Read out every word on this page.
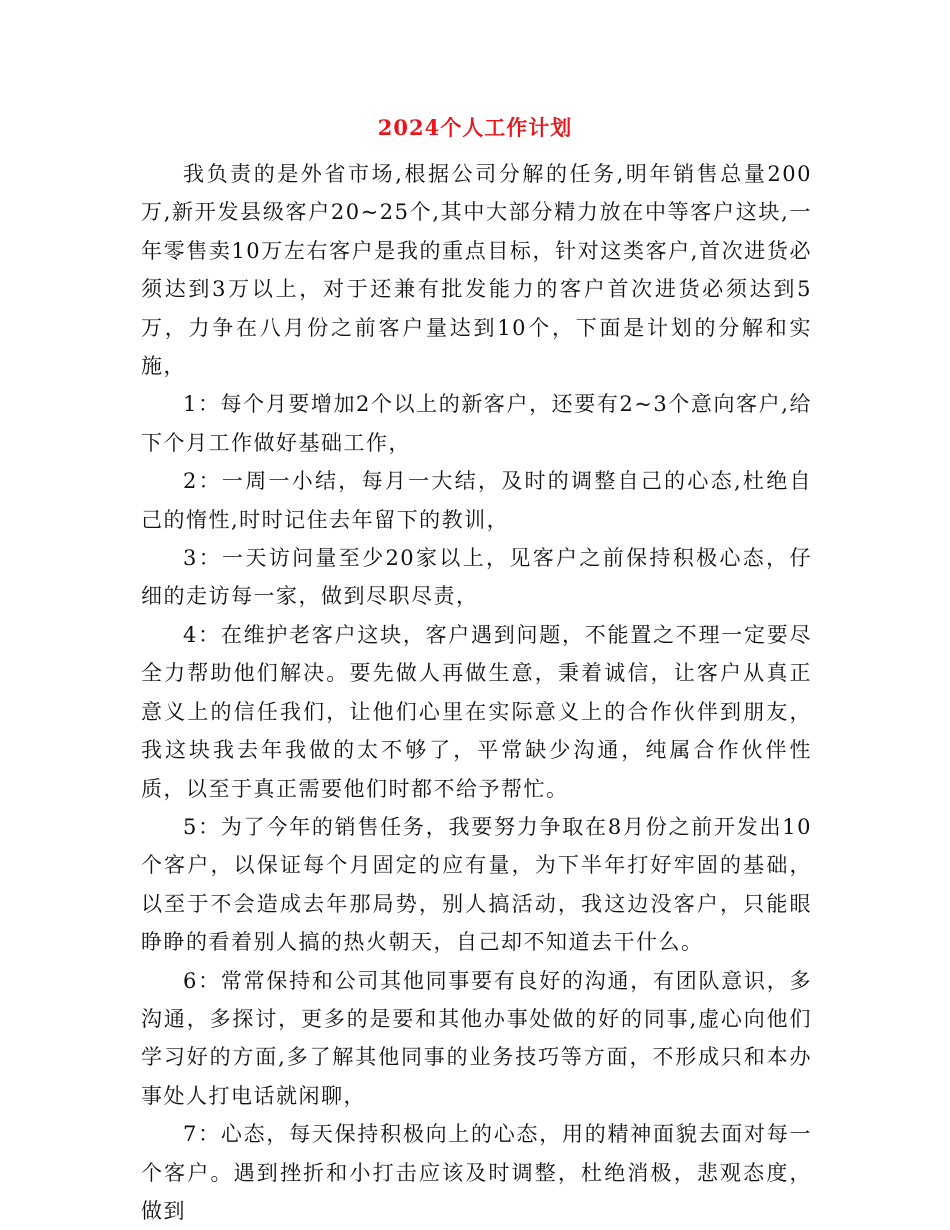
2024个人工作计划

我负责的是外省市场,根据公司分解的任务,明年销售总量200万,新开发县级客户20~25个,其中大部分精力放在中等客户这块,一年零售卖10万左右客户是我的重点目标，针对这类客户,首次进货必须达到3万以上，对于还兼有批发能力的客户首次进货必须达到5万，力争在八月份之前客户量达到10个，下面是计划的分解和实施，

1：每个月要增加2个以上的新客户，还要有2~3个意向客户,给下个月工作做好基础工作，

2：一周一小结，每月一大结，及时的调整自己的心态,杜绝自己的惰性,时时记住去年留下的教训，

3：一天访问量至少20家以上，见客户之前保持积极心态，仔细的走访每一家，做到尽职尽责，

4：在维护老客户这块，客户遇到问题，不能置之不理一定要尽全力帮助他们解决。要先做人再做生意，秉着诚信，让客户从真正意义上的信任我们，让他们心里在实际意义上的合作伙伴到朋友，我这块我去年我做的太不够了，平常缺少沟通，纯属合作伙伴性质，以至于真正需要他们时都不给予帮忙。

5：为了今年的销售任务，我要努力争取在8月份之前开发出10个客户，以保证每个月固定的应有量，为下半年打好牢固的基础，以至于不会造成去年那局势，别人搞活动，我这边没客户，只能眼睁睁的看着别人搞的热火朝天，自己却不知道去干什么。

6：常常保持和公司其他同事要有良好的沟通，有团队意识，多沟通，多探讨，更多的是要和其他办事处做的好的同事,虚心向他们学习好的方面,多了解其他同事的业务技巧等方面，不形成只和本办事处人打电话就闲聊，

7：心态，每天保持积极向上的心态，用的精神面貌去面对每一个客户。遇到挫折和小打击应该及时调整，杜绝消极，悲观态度，做到
